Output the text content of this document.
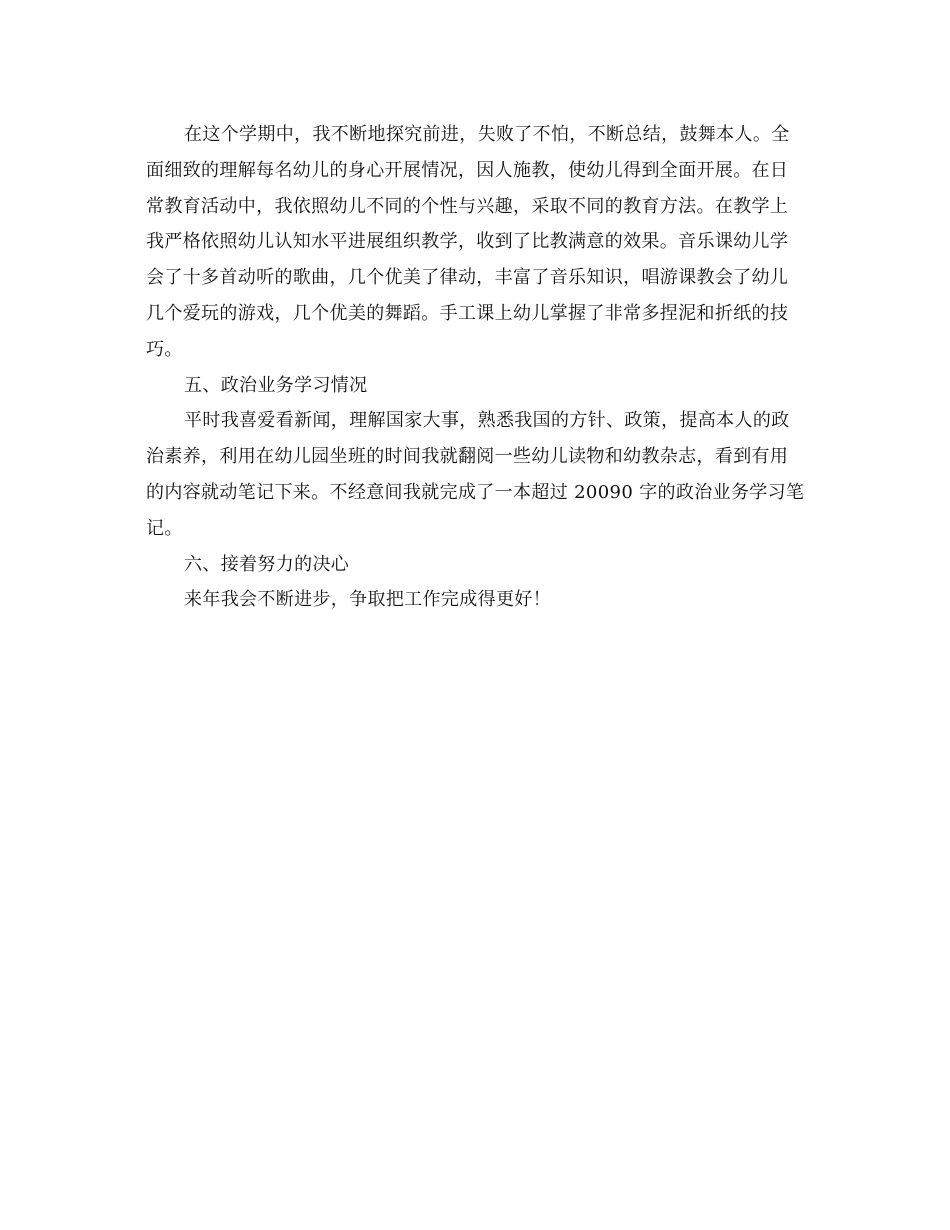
在这个学期中，我不断地探究前进，失败了不怕，不断总结，鼓舞本人。全
面细致的理解每名幼儿的身心开展情况，因人施教，使幼儿得到全面开展。在日
常教育活动中，我依照幼儿不同的个性与兴趣，采取不同的教育方法。在教学上
我严格依照幼儿认知水平进展组织教学，收到了比教满意的效果。音乐课幼儿学
会了十多首动听的歌曲，几个优美了律动，丰富了音乐知识，唱游课教会了幼儿
几个爱玩的游戏，几个优美的舞蹈。手工课上幼儿掌握了非常多捏泥和折纸的技
巧。
五、政治业务学习情况
平时我喜爱看新闻，理解国家大事，熟悉我国的方针、政策，提高本人的政
治素养，利用在幼儿园坐班的时间我就翻阅一些幼儿读物和幼教杂志，看到有用
的内容就动笔记下来。不经意间我就完成了一本超过 20090 字的政治业务学习笔
记。
六、接着努力的决心
来年我会不断进步，争取把工作完成得更好！
